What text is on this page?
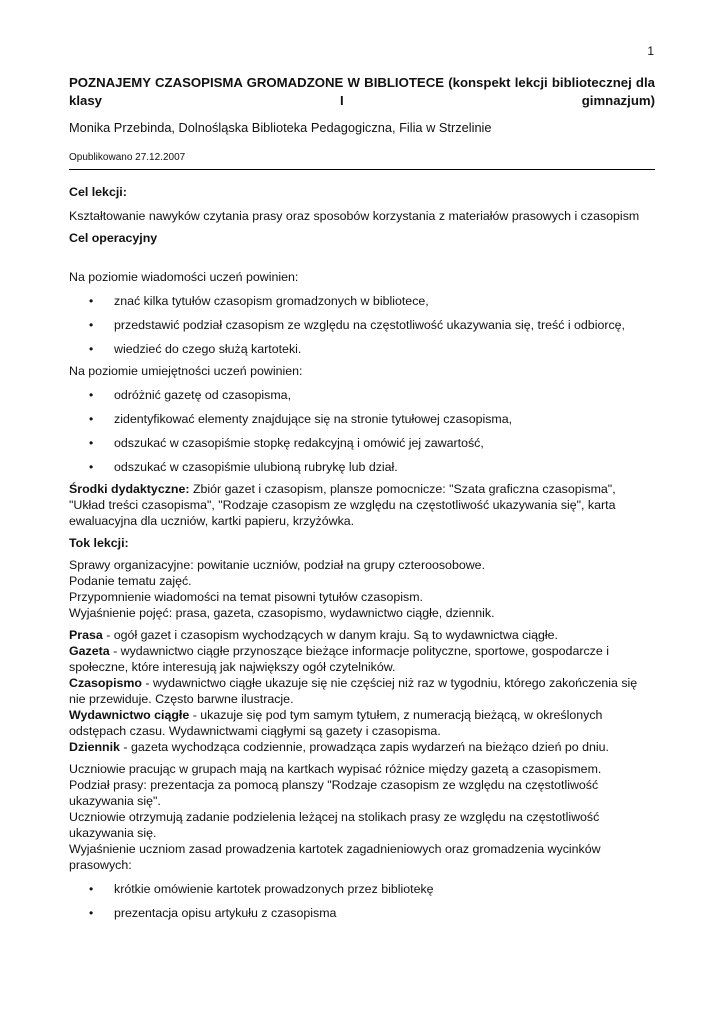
1

POZNAJEMY CZASOPISMA GROMADZONE W BIBLIOTECE (konspekt lekcji bibliotecznej dla klasy I gimnazjum)

Monika Przebinda, Dolnośląska Biblioteka Pedagogiczna, Filia w Strzelinie
Opublikowano 27.12.2007

Cel lekcji:

Kształtowanie nawyków czytania prasy oraz sposobów korzystania z materiałów prasowych i czasopism

Cel operacyjny

Na poziomie wiadomości uczeń powinien:

• znać kilka tytułów czasopism gromadzonych w bibliotece,
• przedstawić podział czasopism ze względu na częstotliwość ukazywania się, treść i odbiorcę,
• wiedzieć do czego służą kartoteki.

Na poziomie umiejętności uczeń powinien:

• odróżnić gazetę od czasopisma,
• zidentyfikować elementy znajdujące się na stronie tytułowej czasopisma,
• odszukać w czasopiśmie stopkę redakcyjną i omówić jej zawartość,
• odszukać w czasopiśmie ulubioną rubrykę lub dział.

Środki dydaktyczne: Zbiór gazet i czasopism, plansze pomocnicze: "Szata graficzna czasopisma", "Układ treści czasopisma", "Rodzaje czasopism ze względu na częstotliwość ukazywania się", karta ewaluacyjna dla uczniów, kartki papieru, krzyżówka.

Tok lekcji:

Sprawy organizacyjne: powitanie uczniów, podział na grupy czteroosobowe.

Podanie tematu zajęć.

Przypomnienie wiadomości na temat pisowni tytułów czasopism.

Wyjaśnienie pojęć: prasa, gazeta, czasopismo, wydawnictwo ciągłe, dziennik.

Prasa - ogół gazet i czasopism wychodzących w danym kraju. Są to wydawnictwa ciągłe.

Gazeta - wydawnictwo ciągłe przynoszące bieżące informacje polityczne, sportowe, gospodarcze i społeczne, które interesują jak największy ogół czytelników.

Czasopismo - wydawnictwo ciągłe ukazuje się nie częściej niż raz w tygodniu, którego zakończenia się nie przewiduje. Często barwne ilustracje.

Wydawnictwo ciągłe - ukazuje się pod tym samym tytułem, z numeracją bieżącą, w określonych odstępach czasu. Wydawnictwami ciągłymi są gazety i czasopisma.

Dziennik - gazeta wychodząca codziennie, prowadząca zapis wydarzeń na bieżąco dzień po dniu.

Uczniowie pracując w grupach mają na kartkach wypisać różnice między gazetą a czasopismem.

Podział prasy: prezentacja za pomocą planszy "Rodzaje czasopism ze względu na częstotliwość ukazywania się".

Uczniowie otrzymują zadanie podzielenia leżącej na stolikach prasy ze względu na częstotliwość ukazywania się.

Wyjaśnienie uczniom zasad prowadzenia kartotek zagadnieniowych oraz gromadzenia wycinków prasowych:

• krótkie omówienie kartotek prowadzonych przez bibliotekę
• prezentacja opisu artykułu z czasopisma
